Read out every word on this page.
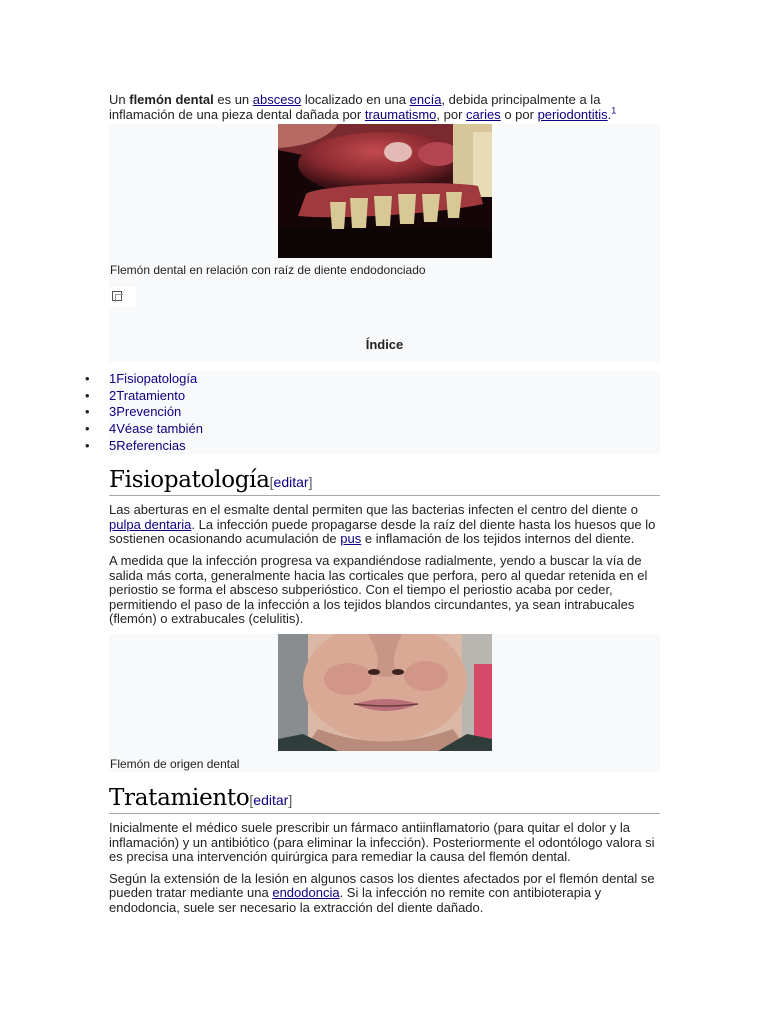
Un flemón dental es un absceso localizado en una encía, debida principalmente a la inflamación de una pieza dental dañada por traumatismo, por caries o por periodontitis.$^1$

Flemón dental en relación con raíz de diente endodonciado
Índice
• 1Fisiopatología
• 2Tratamiento
• 3Prevención
• 4Véase también
• 5Referencias
Fisiopatología[editar]

Las aberturas en el esmalte dental permiten que las bacterias infecten el centro del diente o pulpa dentaria. La infección puede propagarse desde la raíz del diente hasta los huesos que lo sostienen ocasionando acumulación de pus e inflamación de los tejidos internos del diente.

A medida que la infección progresa va expandiéndose radialmente, yendo a buscar la vía de salida más corta, generalmente hacia las corticales que perfora, pero al quedar retenida en el periostio se forma el absceso subperióstico. Con el tiempo el periostio acaba por ceder, permitiendo el paso de la infección a los tejidos blandos circundantes, ya sean intrabucales (flemón) o extrabucales (celulitis).

Flemón de origen dental
Tratamiento[editar]

Inicialmente el médico suele prescribir un fármaco antiinflamatorio (para quitar el dolor y la inflamación) y un antibiótico (para eliminar la infección). Posteriormente el odontólogo valora si es precisa una intervención quirúrgica para remediar la causa del flemón dental.

Según la extensión de la lesión en algunos casos los dientes afectados por el flemón dental se pueden tratar mediante una endodoncia. Si la infección no remite con antibioterapia y endodoncia, suele ser necesario la extracción del diente dañado.
